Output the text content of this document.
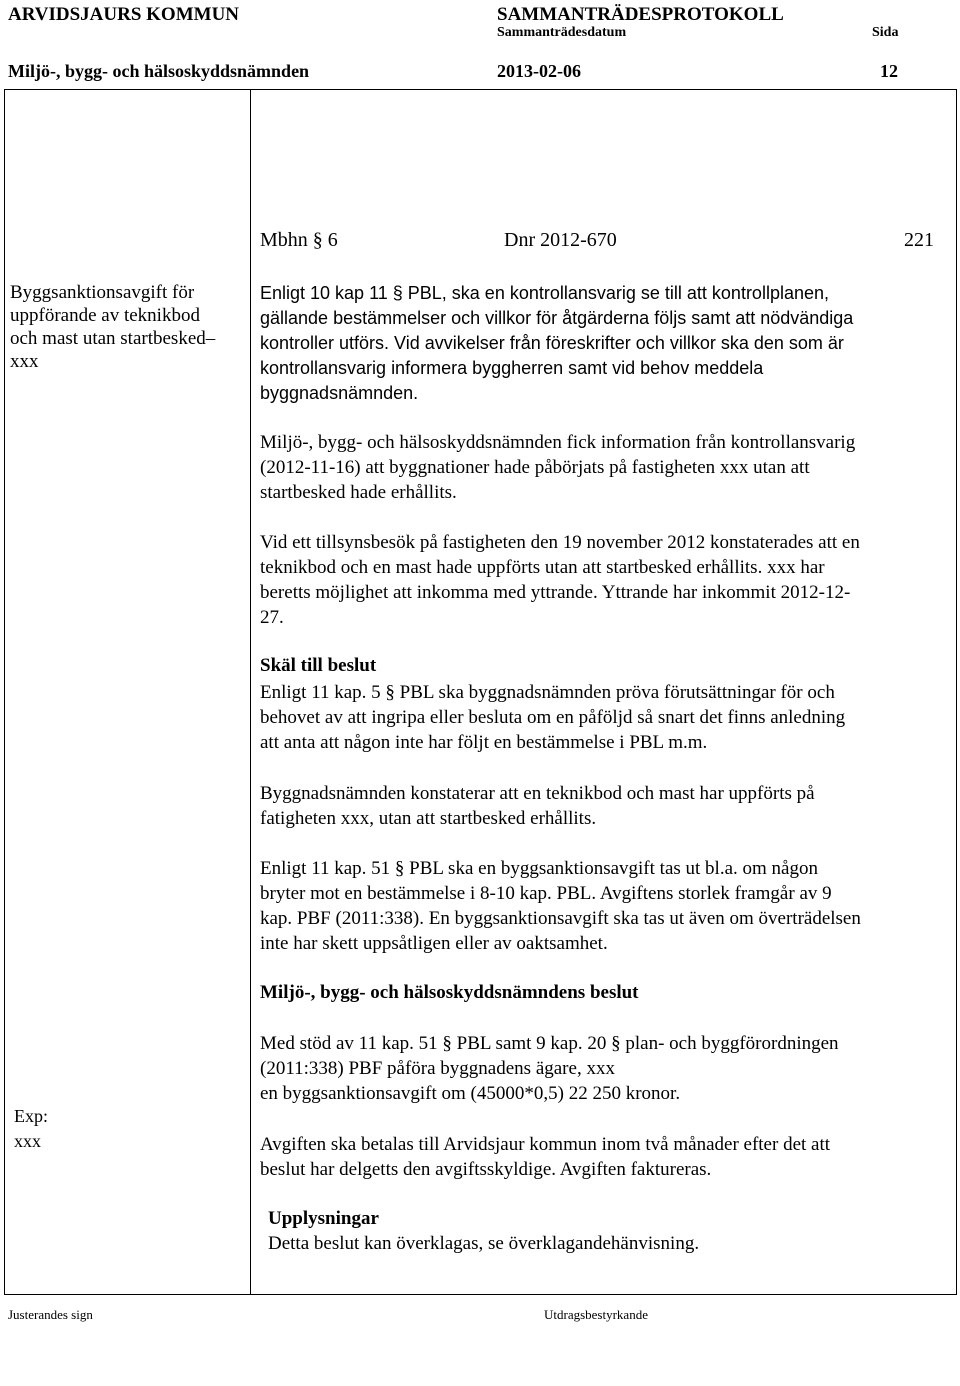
ARVIDSJAURS KOMMUN	SAMMANTRÄDESPROTOKOLL
Sammanträdesdatum	Sida
Miljö-, bygg- och hälsoskyddsnämnden	2013-02-06	12
Mbhn § 6	Dnr 2012-670	221
Byggsanktionsavgift för
uppförande av teknikbod
och mast utan startbesked–
xxx
Enligt 10 kap 11 § PBL, ska en kontrollansvarig se till att kontrollplanen,
gällande bestämmelser och villkor för åtgärderna följs samt att nödvändiga
kontroller utförs. Vid avvikelser från föreskrifter och villkor ska den som är
kontrollansvarig informera byggherren samt vid behov meddela
byggnadsnämnden.
Miljö-, bygg- och hälsoskyddsnämnden fick information från kontrollansvarig
(2012-11-16) att byggnationer hade påbörjats på fastigheten xxx utan att
startbesked hade erhållits.
Vid ett tillsynsbesök på fastigheten den 19 november 2012 konstaterades att en
teknikbod och en mast hade uppförts utan att startbesked erhållits. xxx har
beretts möjlighet att inkomma med yttrande. Yttrande har inkommit 2012-12-
27.
Skäl till beslut
Enligt 11 kap. 5 § PBL ska byggnadsnämnden pröva förutsättningar för och
behovet av att ingripa eller besluta om en påföljd så snart det finns anledning
att anta att någon inte har följt en bestämmelse i PBL m.m.
Byggnadsnämnden konstaterar att en teknikbod och mast har uppförts på
fatigheten xxx, utan att startbesked erhållits.
Enligt 11 kap. 51 § PBL ska en byggsanktionsavgift tas ut bl.a. om någon
bryter mot en bestämmelse i 8-10 kap. PBL. Avgiftens storlek framgår av 9
kap. PBF (2011:338). En byggsanktionsavgift ska tas ut även om överträdelsen
inte har skett uppsåtligen eller av oaktsamhet.
Miljö-, bygg- och hälsoskyddsnämndens beslut
Med stöd av 11 kap. 51 § PBL samt 9 kap. 20 § plan- och byggförordningen
(2011:338) PBF påföra byggnadens ägare, xxx
en byggsanktionsavgift om (45000*0,5) 22 250 kronor.
Exp:
xxx	Avgiften ska betalas till Arvidsjaur kommun inom två månader efter det att
beslut har delgetts den avgiftsskyldige. Avgiften faktureras.
Upplysningar
Detta beslut kan överklagas, se överklagandehänvisning.
Justerandes sign	Utdragsbestyrkande
